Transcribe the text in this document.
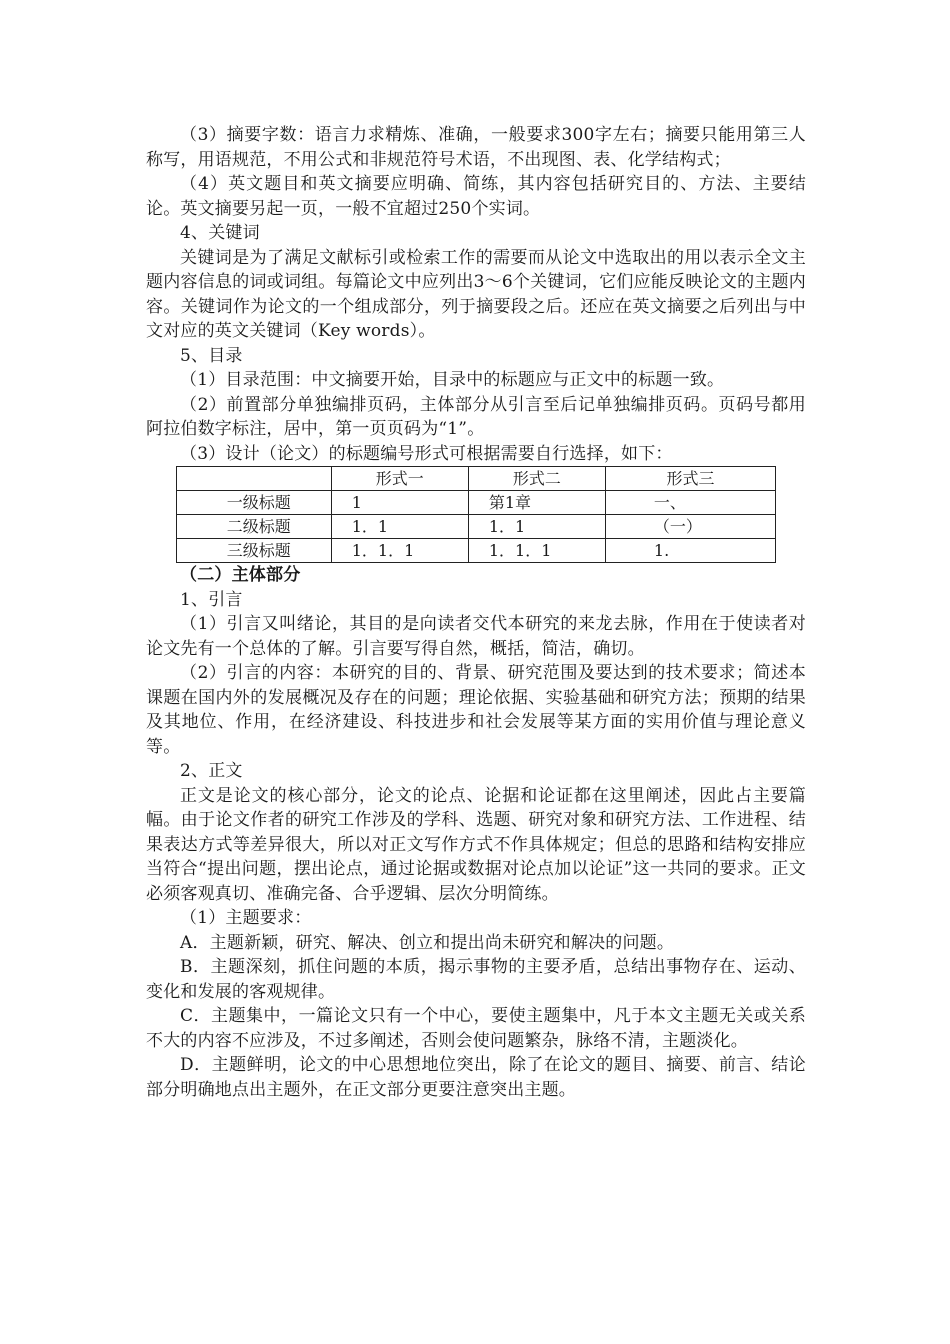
（3）摘要字数：语言力求精炼、准确，一般要求300字左右；摘要只能用第三人称写，用语规范，不用公式和非规范符号术语，不出现图、表、化学结构式；

（4）英文题目和英文摘要应明确、简练，其内容包括研究目的、方法、主要结论。英文摘要另起一页，一般不宜超过250个实词。

4、关键词

关键词是为了满足文献标引或检索工作的需要而从论文中选取出的用以表示全文主题内容信息的词或词组。每篇论文中应列出3～6个关键词，它们应能反映论文的主题内容。关键词作为论文的一个组成部分，列于摘要段之后。还应在英文摘要之后列出与中文对应的英文关键词（Key words）。

5、目录

（1）目录范围：中文摘要开始，目录中的标题应与正文中的标题一致。

（2）前置部分单独编排页码，主体部分从引言至后记单独编排页码。页码号都用阿拉伯数字标注，居中，第一页页码为“1”。

（3）设计（论文）的标题编号形式可根据需要自行选择，如下：

	形式一	形式二	形式三
一级标题	1	第1章	一、
二级标题	1．1	1．1	（一）
三级标题	1．1．1	1．1．1	1.

（二）主体部分

1、引言

（1）引言又叫绪论，其目的是向读者交代本研究的来龙去脉，作用在于使读者对论文先有一个总体的了解。引言要写得自然，概括，简洁，确切。

（2）引言的内容：本研究的目的、背景、研究范围及要达到的技术要求；简述本课题在国内外的发展概况及存在的问题；理论依据、实验基础和研究方法；预期的结果及其地位、作用，在经济建设、科技进步和社会发展等某方面的实用价值与理论意义等。

2、正文

正文是论文的核心部分，论文的论点、论据和论证都在这里阐述，因此占主要篇幅。由于论文作者的研究工作涉及的学科、选题、研究对象和研究方法、工作进程、结果表达方式等差异很大，所以对正文写作方式不作具体规定；但总的思路和结构安排应当符合“提出问题，摆出论点，通过论据或数据对论点加以论证”这一共同的要求。正文必须客观真切、准确完备、合乎逻辑、层次分明简练。

（1）主题要求：

A．主题新颖，研究、解决、创立和提出尚未研究和解决的问题。

B．主题深刻，抓住问题的本质，揭示事物的主要矛盾，总结出事物存在、运动、变化和发展的客观规律。

C．主题集中，一篇论文只有一个中心，要使主题集中，凡于本文主题无关或关系不大的内容不应涉及，不过多阐述，否则会使问题繁杂，脉络不清，主题淡化。

D．主题鲜明，论文的中心思想地位突出，除了在论文的题目、摘要、前言、结论部分明确地点出主题外，在正文部分更要注意突出主题。
